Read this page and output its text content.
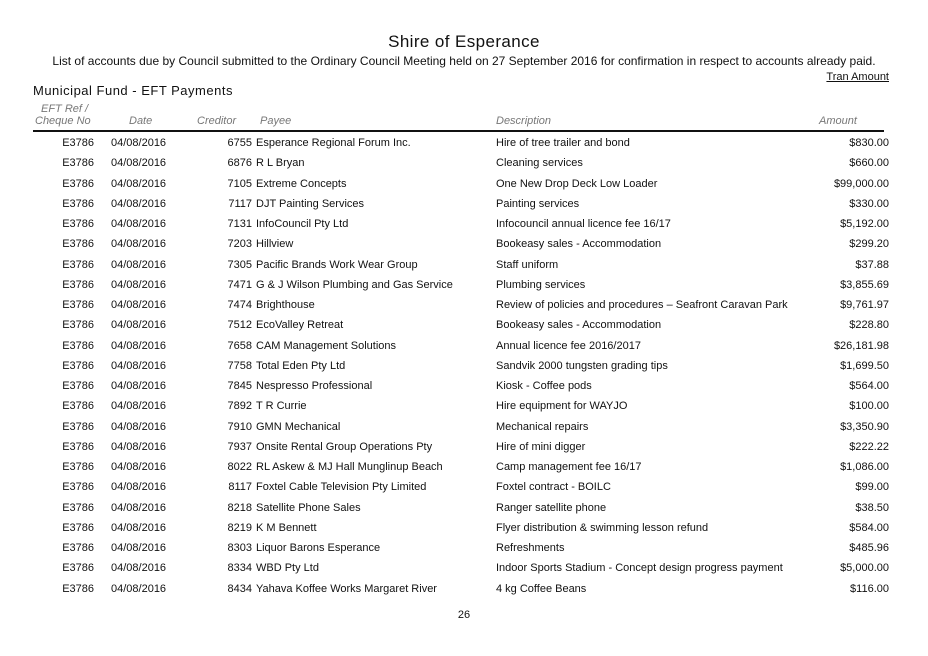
Shire of Esperance
List of accounts due by Council submitted to the Ordinary Council Meeting held on 27 September 2016 for confirmation in respect to accounts already paid.
Tran Amount
Municipal Fund - EFT Payments
EFT Ref /
Cheque No	Date	Creditor Payee	Description	Amount
E3786 04/08/2016	6755 Esperance Regional Forum Inc.	Hire of tree trailer and bond	$830.00
E3786 04/08/2016	6876 R L Bryan	Cleaning services	$660.00
E3786 04/08/2016	7105 Extreme Concepts	One New Drop Deck Low Loader	$99,000.00
E3786 04/08/2016	7117 DJT Painting Services	Painting services	$330.00
E3786 04/08/2016	7131 InfoCouncil Pty Ltd	Infocouncil annual licence fee 16/17	$5,192.00
E3786 04/08/2016	7203 Hillview	Bookeasy sales - Accommodation	$299.20
E3786 04/08/2016	7305 Pacific Brands Work Wear Group	Staff uniform	$37.88
E3786 04/08/2016	7471 G & J Wilson Plumbing and Gas Service	Plumbing services	$3,855.69
E3786 04/08/2016	7474 Brighthouse	Review of policies and procedures – Seafront Caravan Park	$9,761.97
E3786 04/08/2016	7512 EcoValley Retreat	Bookeasy sales - Accommodation	$228.80
E3786 04/08/2016	7658 CAM Management Solutions	Annual licence fee 2016/2017	$26,181.98
E3786 04/08/2016	7758 Total Eden Pty Ltd	Sandvik 2000 tungsten grading tips	$1,699.50
E3786 04/08/2016	7845 Nespresso Professional	Kiosk - Coffee pods	$564.00
E3786 04/08/2016	7892 T R Currie	Hire equipment for WAYJO	$100.00
E3786 04/08/2016	7910 GMN Mechanical	Mechanical repairs	$3,350.90
E3786 04/08/2016	7937 Onsite Rental Group Operations Pty	Hire of mini digger	$222.22
E3786 04/08/2016	8022 RL Askew & MJ Hall Munglinup Beach	Camp management fee 16/17	$1,086.00
E3786 04/08/2016	8117 Foxtel Cable Television Pty Limited	Foxtel contract - BOILC	$99.00
E3786 04/08/2016	8218 Satellite Phone Sales	Ranger satellite phone	$38.50
E3786 04/08/2016	8219 K M Bennett	Flyer distribution & swimming lesson refund	$584.00
E3786 04/08/2016	8303 Liquor Barons Esperance	Refreshments	$485.96
E3786 04/08/2016	8334 WBD Pty Ltd	Indoor Sports Stadium - Concept design progress payment	$5,000.00
E3786 04/08/2016	8434 Yahava Koffee Works Margaret River	4 kg Coffee Beans	$116.00
26
